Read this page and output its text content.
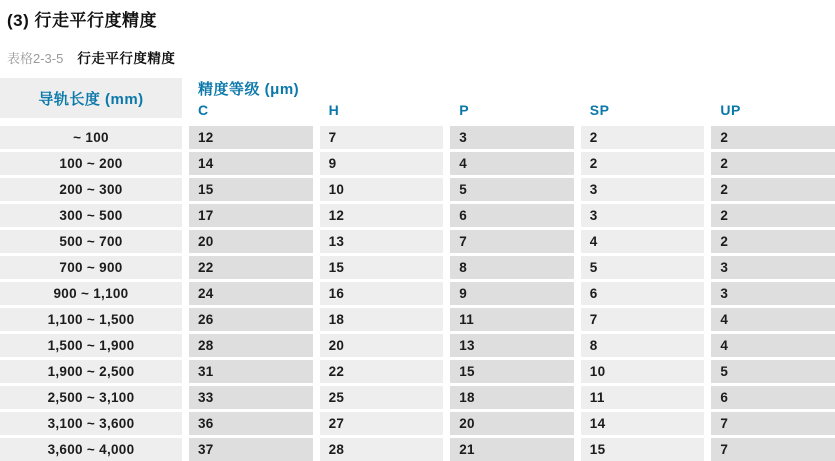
(3) 行走平行度精度
表格2-3-5 行走平行度精度
导轨长度 (mm)
精度等级 (μm)
C	H	P	SP	UP
~ 100	12	7	3	2	2
100 ~ 200	14	9	4	2	2
200 ~ 300	15	10	5	3	2
300 ~ 500	17	12	6	3	2
500 ~ 700	20	13	7	4	2
700 ~ 900	22	15	8	5	3
900 ~ 1,100	24	16	9	6	3
1,100 ~ 1,500	26	18	11	7	4
1,500 ~ 1,900	28	20	13	8	4
1,900 ~ 2,500	31	22	15	10	5
2,500 ~ 3,100	33	25	18	11	6
3,100 ~ 3,600	36	27	20	14	7
3,600 ~ 4,000	37	28	21	15	7
